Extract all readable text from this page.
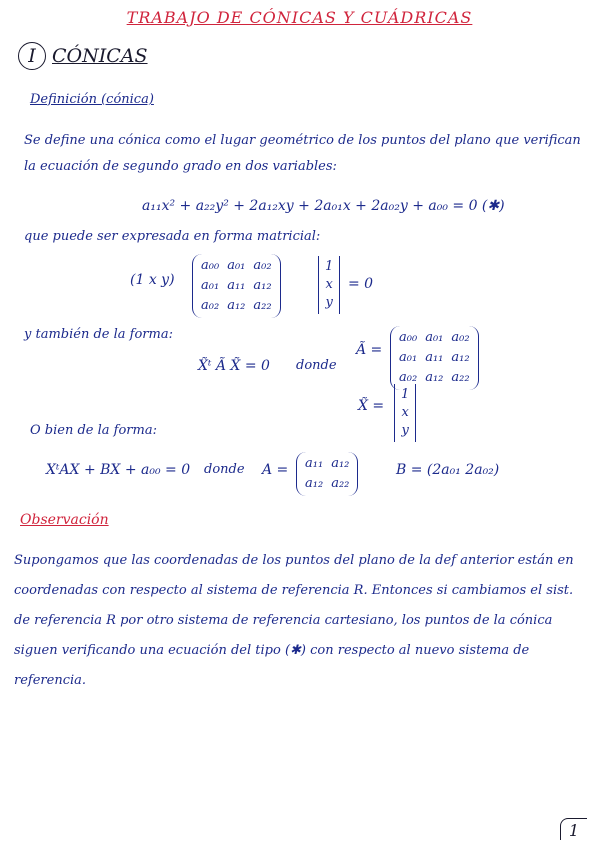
TRABAJO DE CÓNICAS Y CUÁDRICAS
I CÓNICAS
Definición (cónica)
Se define una cónica como el lugar geométrico de los puntos del plano que verifican la ecuación de segundo grado en dos variables:
a₁₁x² + a₂₂y² + 2a₁₂xy + 2a₀₁x + 2a₀₂y + a₀₀ = 0 (✱)
que puede ser expresada en forma matricial:
(1 x y)
a₀₀ a₀₁ a₀₂
a₀₁ a₁₁ a₁₂
a₀₂ a₁₂ a₂₂
1
x
y
= 0
y también de la forma:
X̃ᵗ Ã X̃ = 0 donde
Ã =
a₀₀ a₀₁ a₀₂
a₀₁ a₁₁ a₁₂
a₀₂ a₁₂ a₂₂
X̃ =
1
x
y
O bien de la forma:
XᵗAX + BX + a₀₀ = 0 donde A = a₁₁ a₁₂
a₁₂ a₂₂
B = (2a₀₁ 2a₀₂)
Observación
Supongamos que las coordenadas de los puntos del plano de la def anterior están en coordenadas con respecto al sistema de referencia R. Entonces si cambiamos el sist. de referencia R por otro sistema de referencia cartesiano, los puntos de la cónica siguen verificando una ecuación del tipo (✱) con respecto al nuevo sistema de referencia.
1
